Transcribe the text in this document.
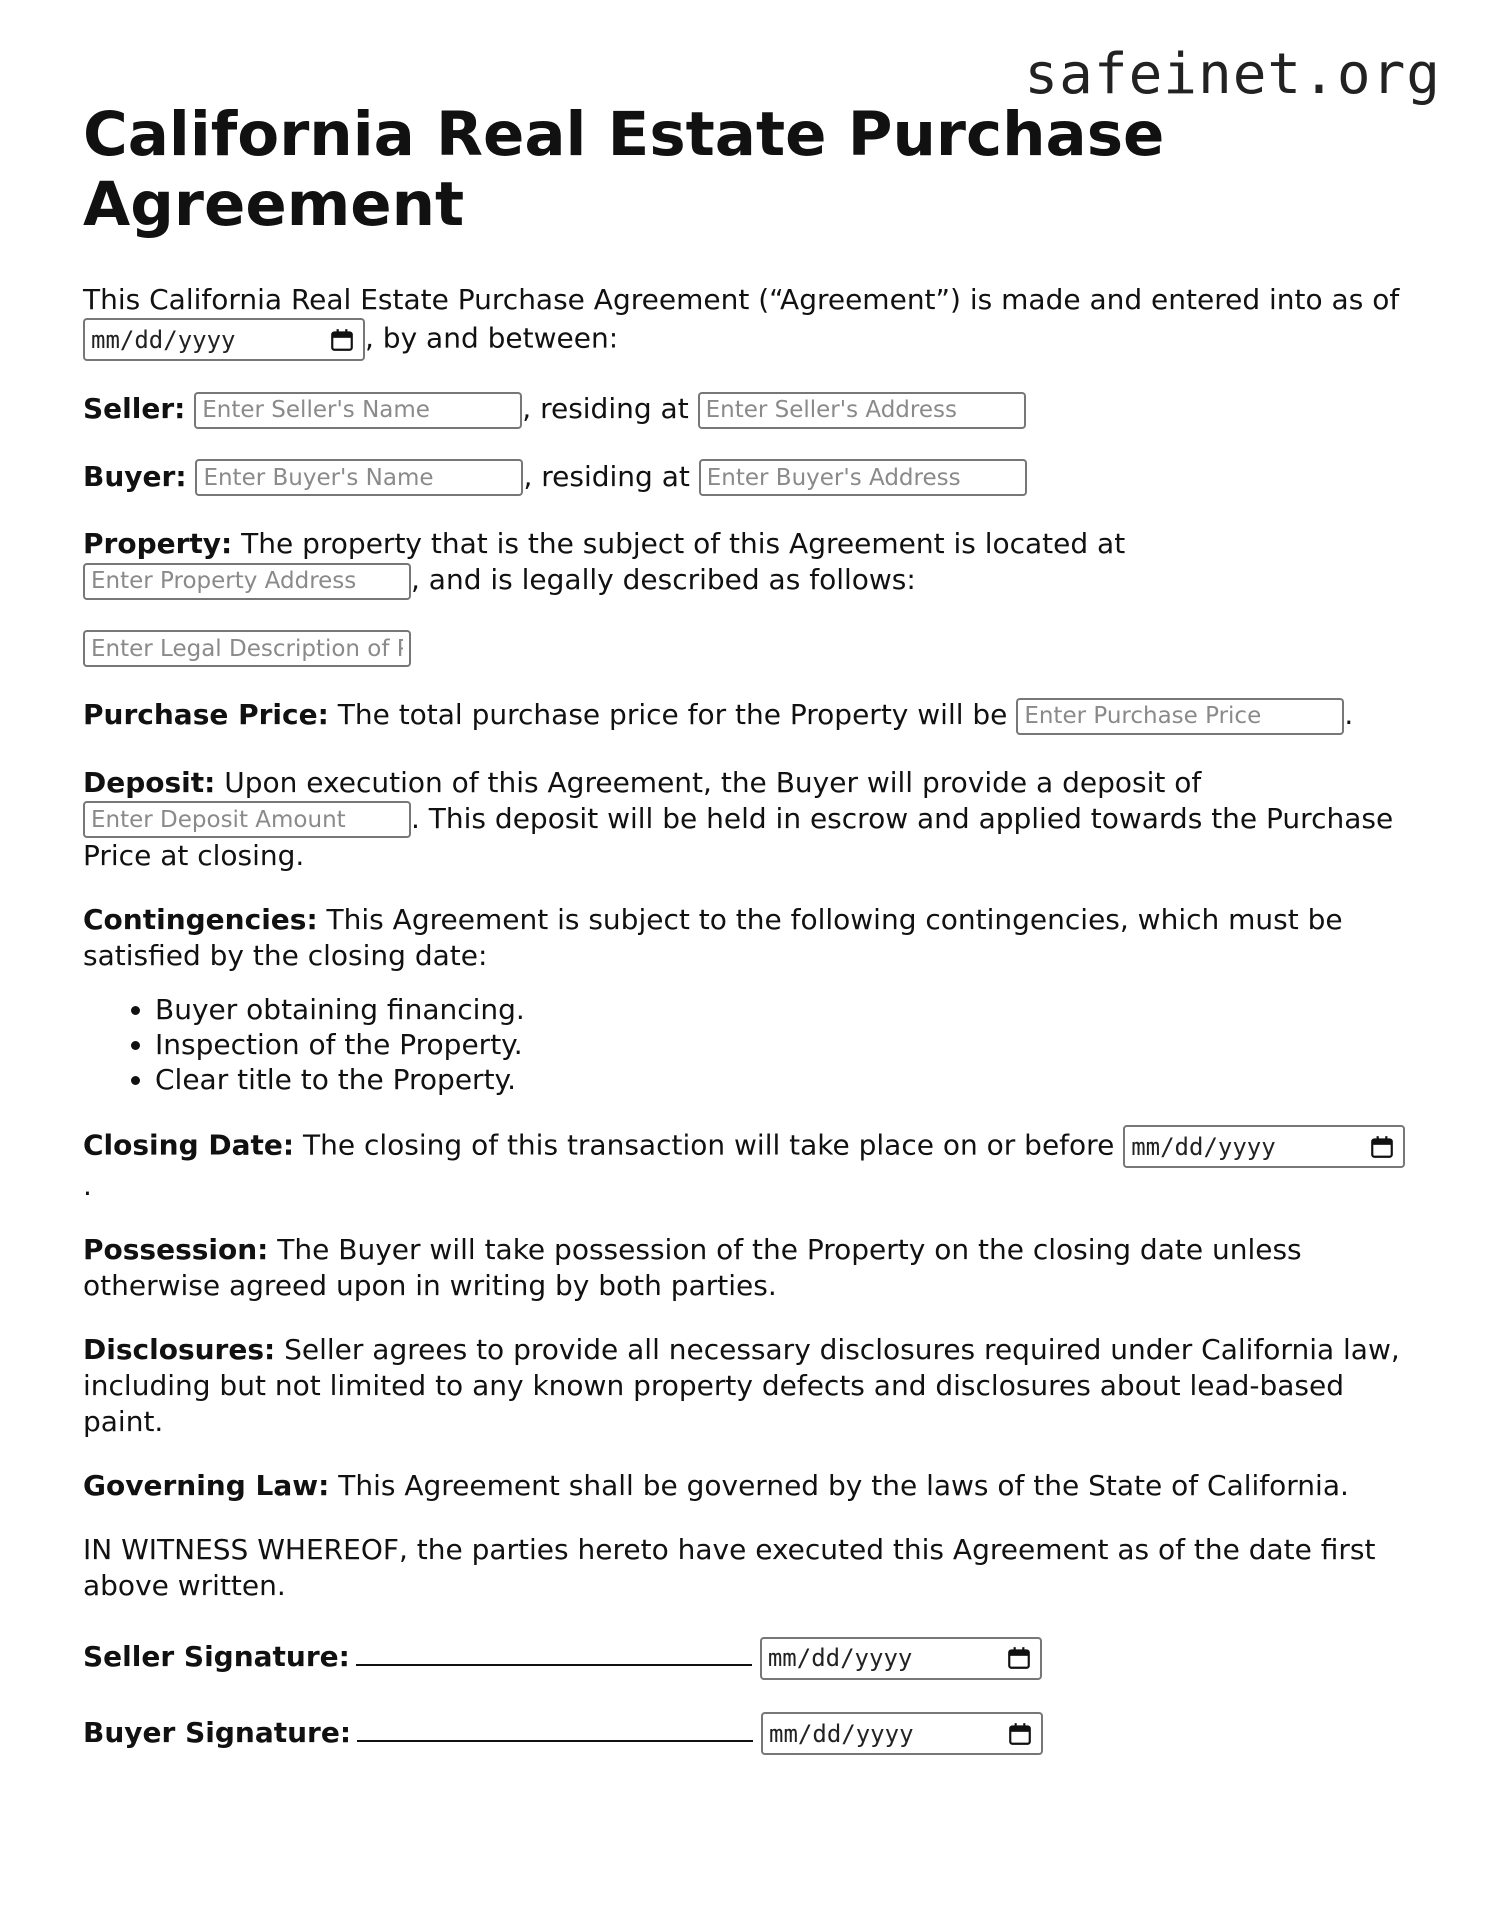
safeinet.org
California Real Estate Purchase Agreement

This California Real Estate Purchase Agreement (“Agreement”) is made and entered into as of
mm/dd/yyyy	, by and between:

Seller: Enter Seller's Name	, residing at Enter Seller's Address

Buyer: Enter Buyer's Name	, residing at Enter Buyer's Address

Property: The property that is the subject of this Agreement is located at Enter Property Address, and is legally described as follows:

Enter Legal Description of Property

Purchase Price: The total purchase price for the Property will be Enter Purchase Price	.

Deposit: Upon execution of this Agreement, the Buyer will provide a deposit of Enter Deposit Amount. This deposit will be held in escrow and applied towards the Purchase Price at closing.

Contingencies: This Agreement is subject to the following contingencies, which must be satisfied by the closing date:

• Buyer obtaining financing.
• Inspection of the Property.
• Clear title to the Property.

Closing Date: The closing of this transaction will take place on or before mm/dd/yyyy
.

Possession: The Buyer will take possession of the Property on the closing date unless otherwise agreed upon in writing by both parties.

Disclosures: Seller agrees to provide all necessary disclosures required under California law, including but not limited to any known property defects and disclosures about lead-based paint.

Governing Law: This Agreement shall be governed by the laws of the State of California.

IN WITNESS WHEREOF, the parties hereto have executed this Agreement as of the date first above written.

Seller Signature:	mm/dd/yyyy

Buyer Signature:	mm/dd/yyyy
